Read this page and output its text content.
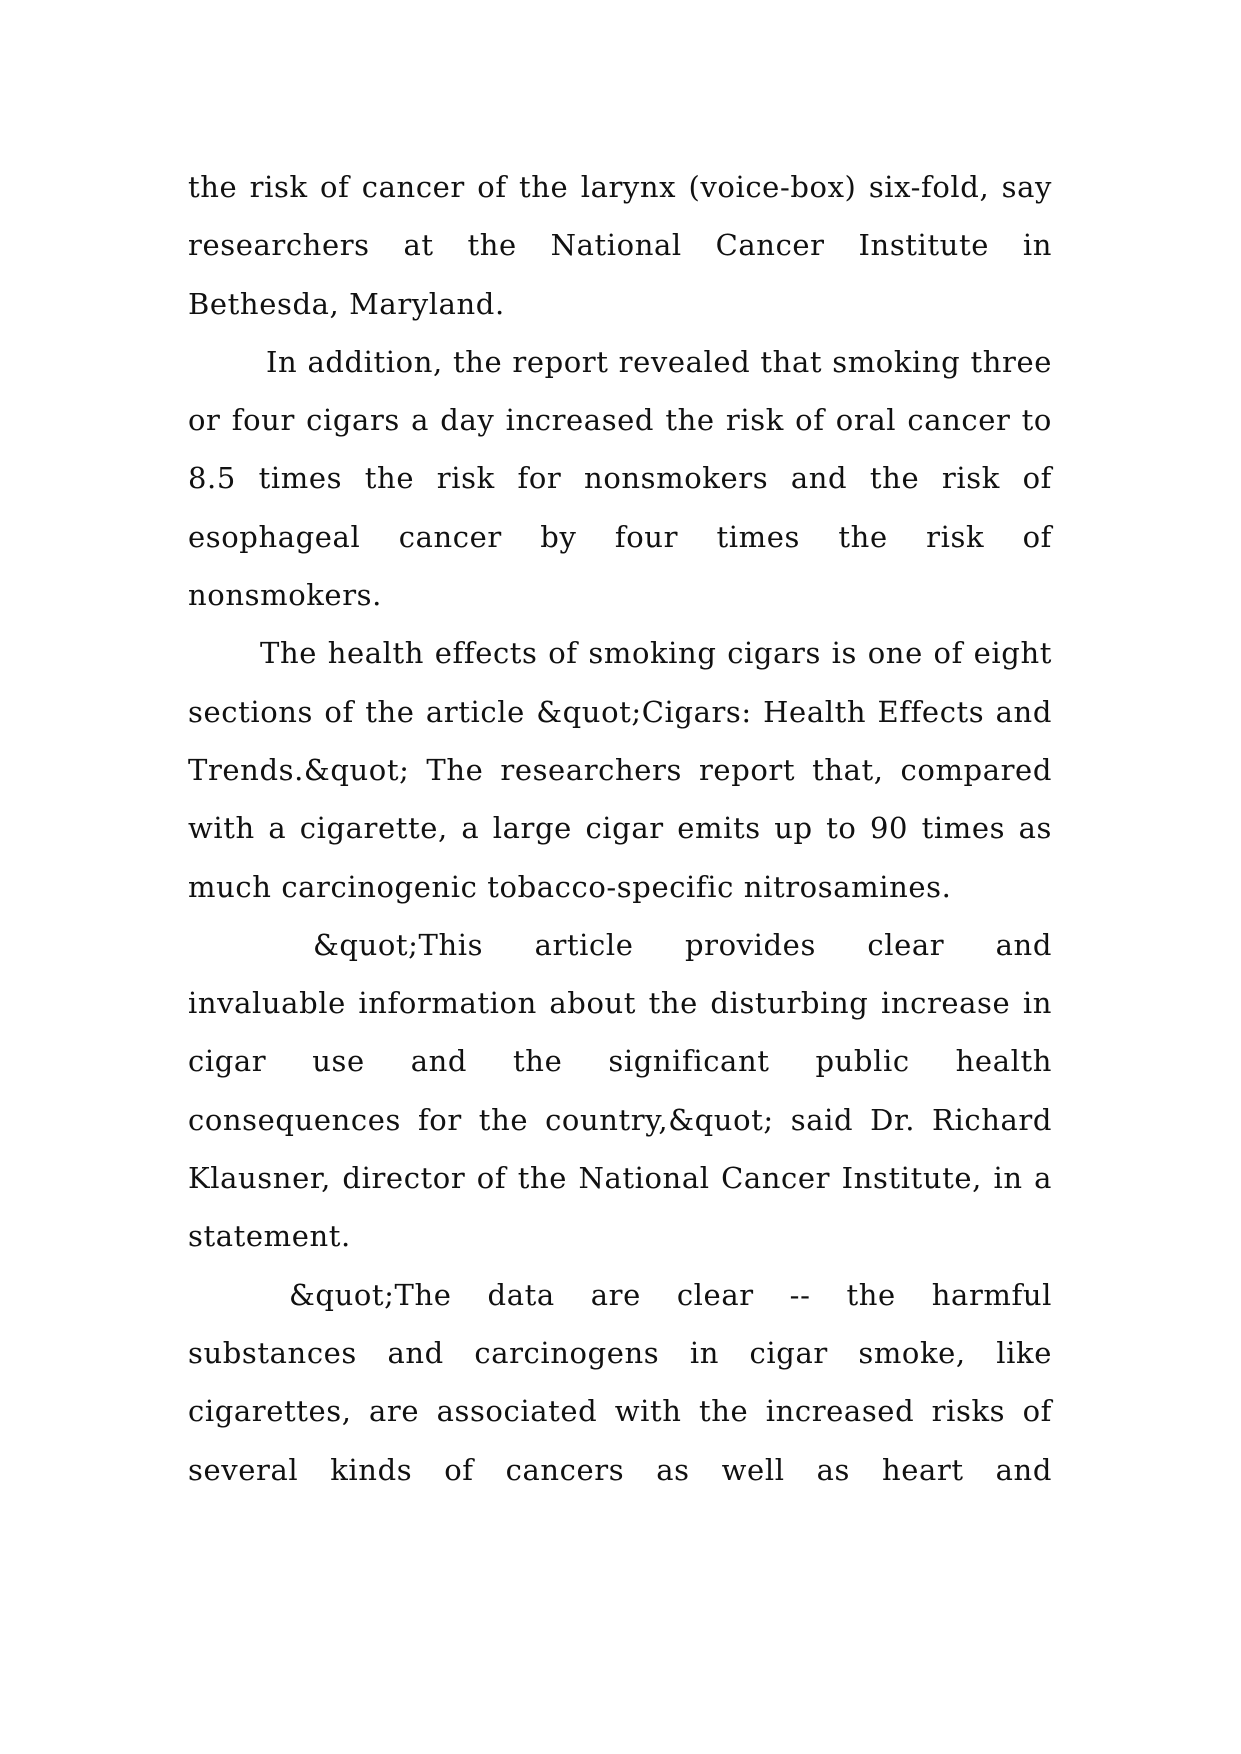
the risk of cancer of the larynx (voice-box) six-fold, say researchers at the National Cancer Institute in Bethesda, Maryland.

In addition, the report revealed that smoking three or four cigars a day increased the risk of oral cancer to 8.5 times the risk for nonsmokers and the risk of esophageal cancer by four times the risk of nonsmokers.

The health effects of smoking cigars is one of eight sections of the article &quot;Cigars: Health Effects and Trends.&quot; The researchers report that, compared with a cigarette, a large cigar emits up to 90 times as much carcinogenic tobacco-specific nitrosamines.

&quot;This article provides clear and invaluable information about the disturbing increase in cigar use and the significant public health consequences for the country,&quot; said Dr. Richard Klausner, director of the National Cancer Institute, in a statement.

&quot;The data are clear -- the harmful substances and carcinogens in cigar smoke, like cigarettes, are associated with the increased risks of several kinds of cancers as well as heart and
